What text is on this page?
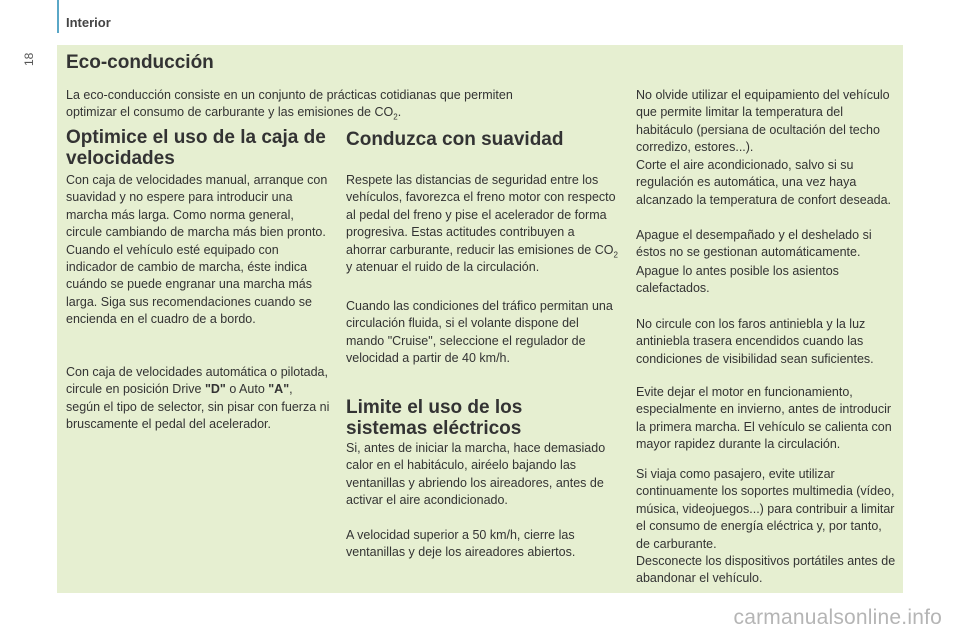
Interior
18 Eco-conducción

La eco-conducción consiste en un conjunto de prácticas cotidianas que permiten optimizar el consumo de carburante y las emisiones de $CO_2$.

Optimice el uso de la caja de velocidades

Con caja de velocidades manual, arranque con suavidad y no espere para introducir una marcha más larga. Como norma general, circule cambiando de marcha más bien pronto. Cuando el vehículo esté equipado con indicador de cambio de marcha, éste indica cuándo se puede engranar una marcha más larga. Siga sus recomendaciones cuando se encienda en el cuadro de a bordo.

Con caja de velocidades automática o pilotada, circule en posición Drive "D" o Auto "A", según el tipo de selector, sin pisar con fuerza ni bruscamente el pedal del acelerador.

Conduzca con suavidad

Respete las distancias de seguridad entre los vehículos, favorezca el freno motor con respecto al pedal del freno y pise el acelerador de forma progresiva. Estas actitudes contribuyen a ahorrar carburante, reducir las emisiones de $CO_2$ y atenuar el ruido de la circulación.

Cuando las condiciones del tráfico permitan una circulación fluida, si el volante dispone del mando "Cruise", seleccione el regulador de velocidad a partir de 40 km/h.

Limite el uso de los sistemas eléctricos

Si, antes de iniciar la marcha, hace demasiado calor en el habitáculo, airéelo bajando las ventanillas y abriendo los aireadores, antes de activar el aire acondicionado.

A velocidad superior a 50 km/h, cierre las ventanillas y deje los aireadores abiertos.

No olvide utilizar el equipamiento del vehículo que permite limitar la temperatura del habitáculo (persiana de ocultación del techo corredizo, estores...).

Corte el aire acondicionado, salvo si su regulación es automática, una vez haya alcanzado la temperatura de confort deseada.

Apague el desempañado y el deshelado si éstos no se gestionan automáticamente.

Apague lo antes posible los asientos calefactados.

No circule con los faros antiniebla y la luz antiniebla trasera encendidos cuando las condiciones de visibilidad sean suficientes.

Evite dejar el motor en funcionamiento, especialmente en invierno, antes de introducir la primera marcha. El vehículo se calienta con mayor rapidez durante la circulación.

Si viaja como pasajero, evite utilizar continuamente los soportes multimedia (vídeo, música, videojuegos...) para contribuir a limitar el consumo de energía eléctrica y, por tanto, de carburante.

Desconecte los dispositivos portátiles antes de abandonar el vehículo.

carmanualsonline.info
